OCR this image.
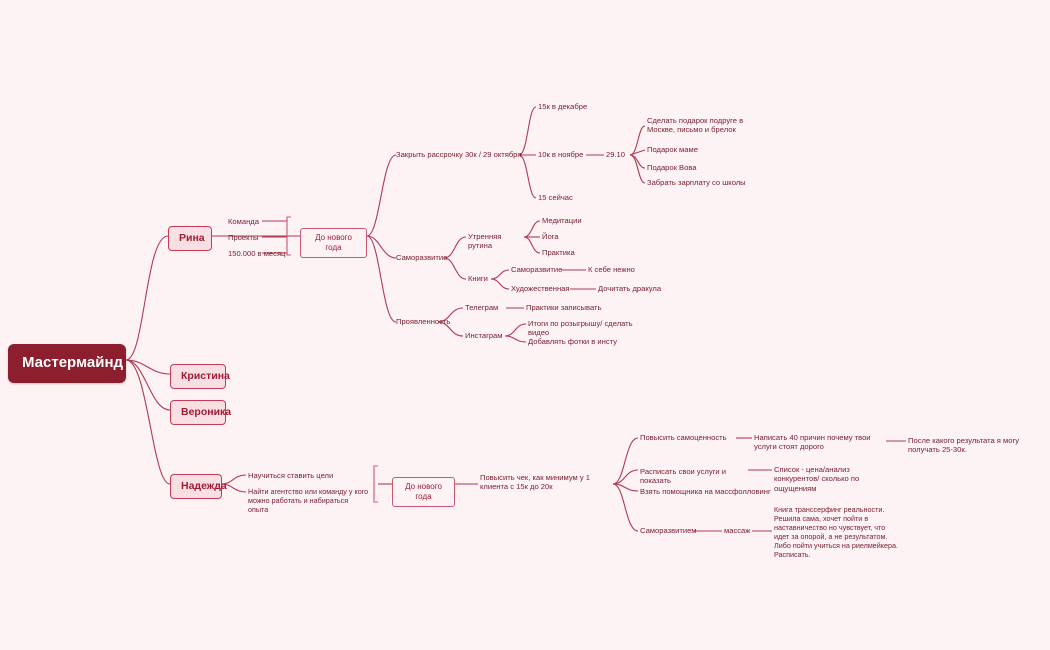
Мастермайнд
Рина
Кристина
Вероника
Надежда
Команда
Проекты
150.000 в месяц
До нового года
Закрыть рассрочку 30к / 29 октября
Саморазвитие
Проявленность
15к в декабре
10к в ноябре
15 сейчас
29.10
Сделать подарок подруге в Москве, письмо и брелок
Подарок маме
Подарок Вова
Забрать зарплату со школы
Утренняя рутина
Книги
Медитации
Йога
Практика
Саморазвитие	К себе нежно
Художественная	Дочитать дракула
Телеграм
Инстаграм
Практики записывать
Итоги по розыгрышу/ сделать видео
Добавлять фотки в инсту
Научиться ставить цели
Найти агентство или команду у кого можно работать и набираться опыта
До нового года
Повысить чек, как минимум у 1 клиента с 15к до 20к
Повысить самоценность	Написать 40 причин почему твои услуги стоят дорого
После какого результата я могу получать 25-30к.
Расписать свои услуги и показать
Список - цена/анализ конкурентов/ сколько по ощущениям
Взять помощника на массфолловинг
Саморазвитием	массаж
Книга транссерфинг реальности. Решила сама, хочет пойти в наставничество но чувствует, что идет за опорой, а не результатом. Либо пойти учиться на риелмейкера. Расписать.
